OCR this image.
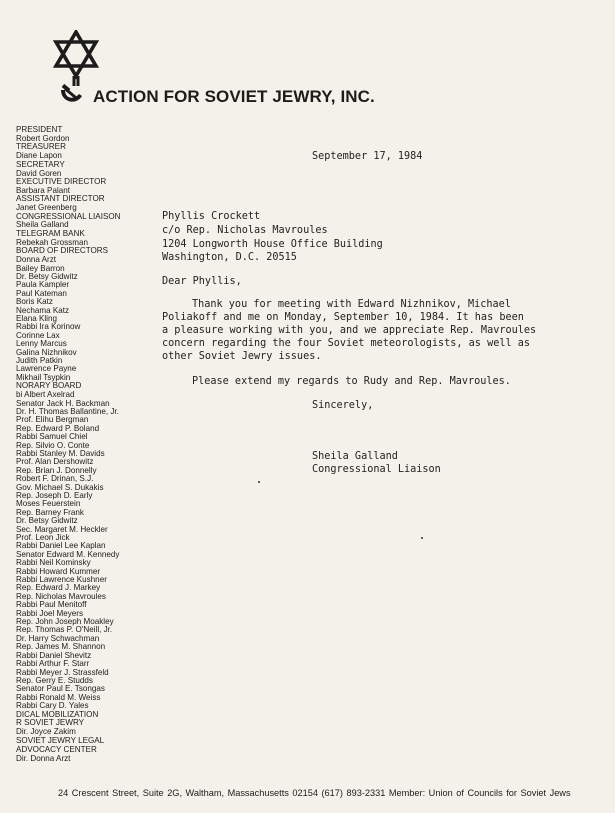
ACTION FOR SOVIET JEWRY, INC.
PRESIDENT
Robert Gordon
TREASURER
Diane Lapon
SECRETARY
David Goren
EXECUTIVE DIRECTOR
Barbara Palant
ASSISTANT DIRECTOR
Janet Greenberg
CONGRESSIONAL LIAISON
Sheila Galland
TELEGRAM BANK
Rebekah Grossman
BOARD OF DIRECTORS
Donna Arzt
Bailey Barron
Dr. Betsy Gidwitz
Paula Kampler
Paul Kateman
Boris Katz
Nechama Katz
Elana Kling
Rabbi Ira Korinow
Corinne Lax
Lenny Marcus
Galina Nizhnikov
Judith Patkin
Lawrence Payne
Mikhail Tsypkin
NORARY BOARD
bi Albert Axelrad
Senator Jack H. Backman
Dr. H. Thomas Ballantine, Jr.
Prof. Elihu Bergman
Rep. Edward P. Boland
Rabbi Samuel Chiel
Rep. Silvio O. Conte
Rabbi Stanley M. Davids
Prof. Alan Dershowitz
Rep. Brian J. Donnelly
Robert F. Drinan, S.J.
Gov. Michael S. Dukakis
Rep. Joseph D. Early
Moses Feuerstein
Rep. Barney Frank
Dr. Betsy Gidwitz
Sec. Margaret M. Heckler
Prof. Leon Jick
Rabbi Daniel Lee Kaplan
Senator Edward M. Kennedy
Rabbi Neil Kominsky
Rabbi Howard Kummer
Rabbi Lawrence Kushner
Rep. Edward J. Markey
Rep. Nicholas Mavroules
Rabbi Paul Menitoff
Rabbi Joel Meyers
Rep. John Joseph Moakley
Rep. Thomas P. O'Neill, Jr.
Dr. Harry Schwachman
Rep. James M. Shannon
Rabbi Daniel Shevitz
Rabbi Arthur F. Starr
Rabbi Meyer J. Strassfeld
Rep. Gerry E. Studds
Senator Paul E. Tsongas
Rabbi Ronald M. Weiss
Rabbi Cary D. Yales
DICAL MOBILIZATION
R SOVIET JEWRY
Dir. Joyce Zakim
SOVIET JEWRY LEGAL
ADVOCACY CENTER
Dir. Donna Arzt
September 17, 1984
Phyllis Crockett
c/o Rep. Nicholas Mavroules
1204 Longworth House Office Building
Washington, D.C. 20515
Dear Phyllis,
Thank you for meeting with Edward Nizhnikov, Michael
Poliakoff and me on Monday, September 10, 1984. It has been
a pleasure working with you, and we appreciate Rep. Mavroules
concern regarding the four Soviet meteorologists, as well as
other Soviet Jewry issues.
Please extend my regards to Rudy and Rep. Mavroules.
Sincerely,
Sheila Galland
Congressional Liaison
24 Crescent Street, Suite 2G, Waltham, Massachusetts 02154 (617) 893-2331 Member: Union of Councils for Soviet Jews
